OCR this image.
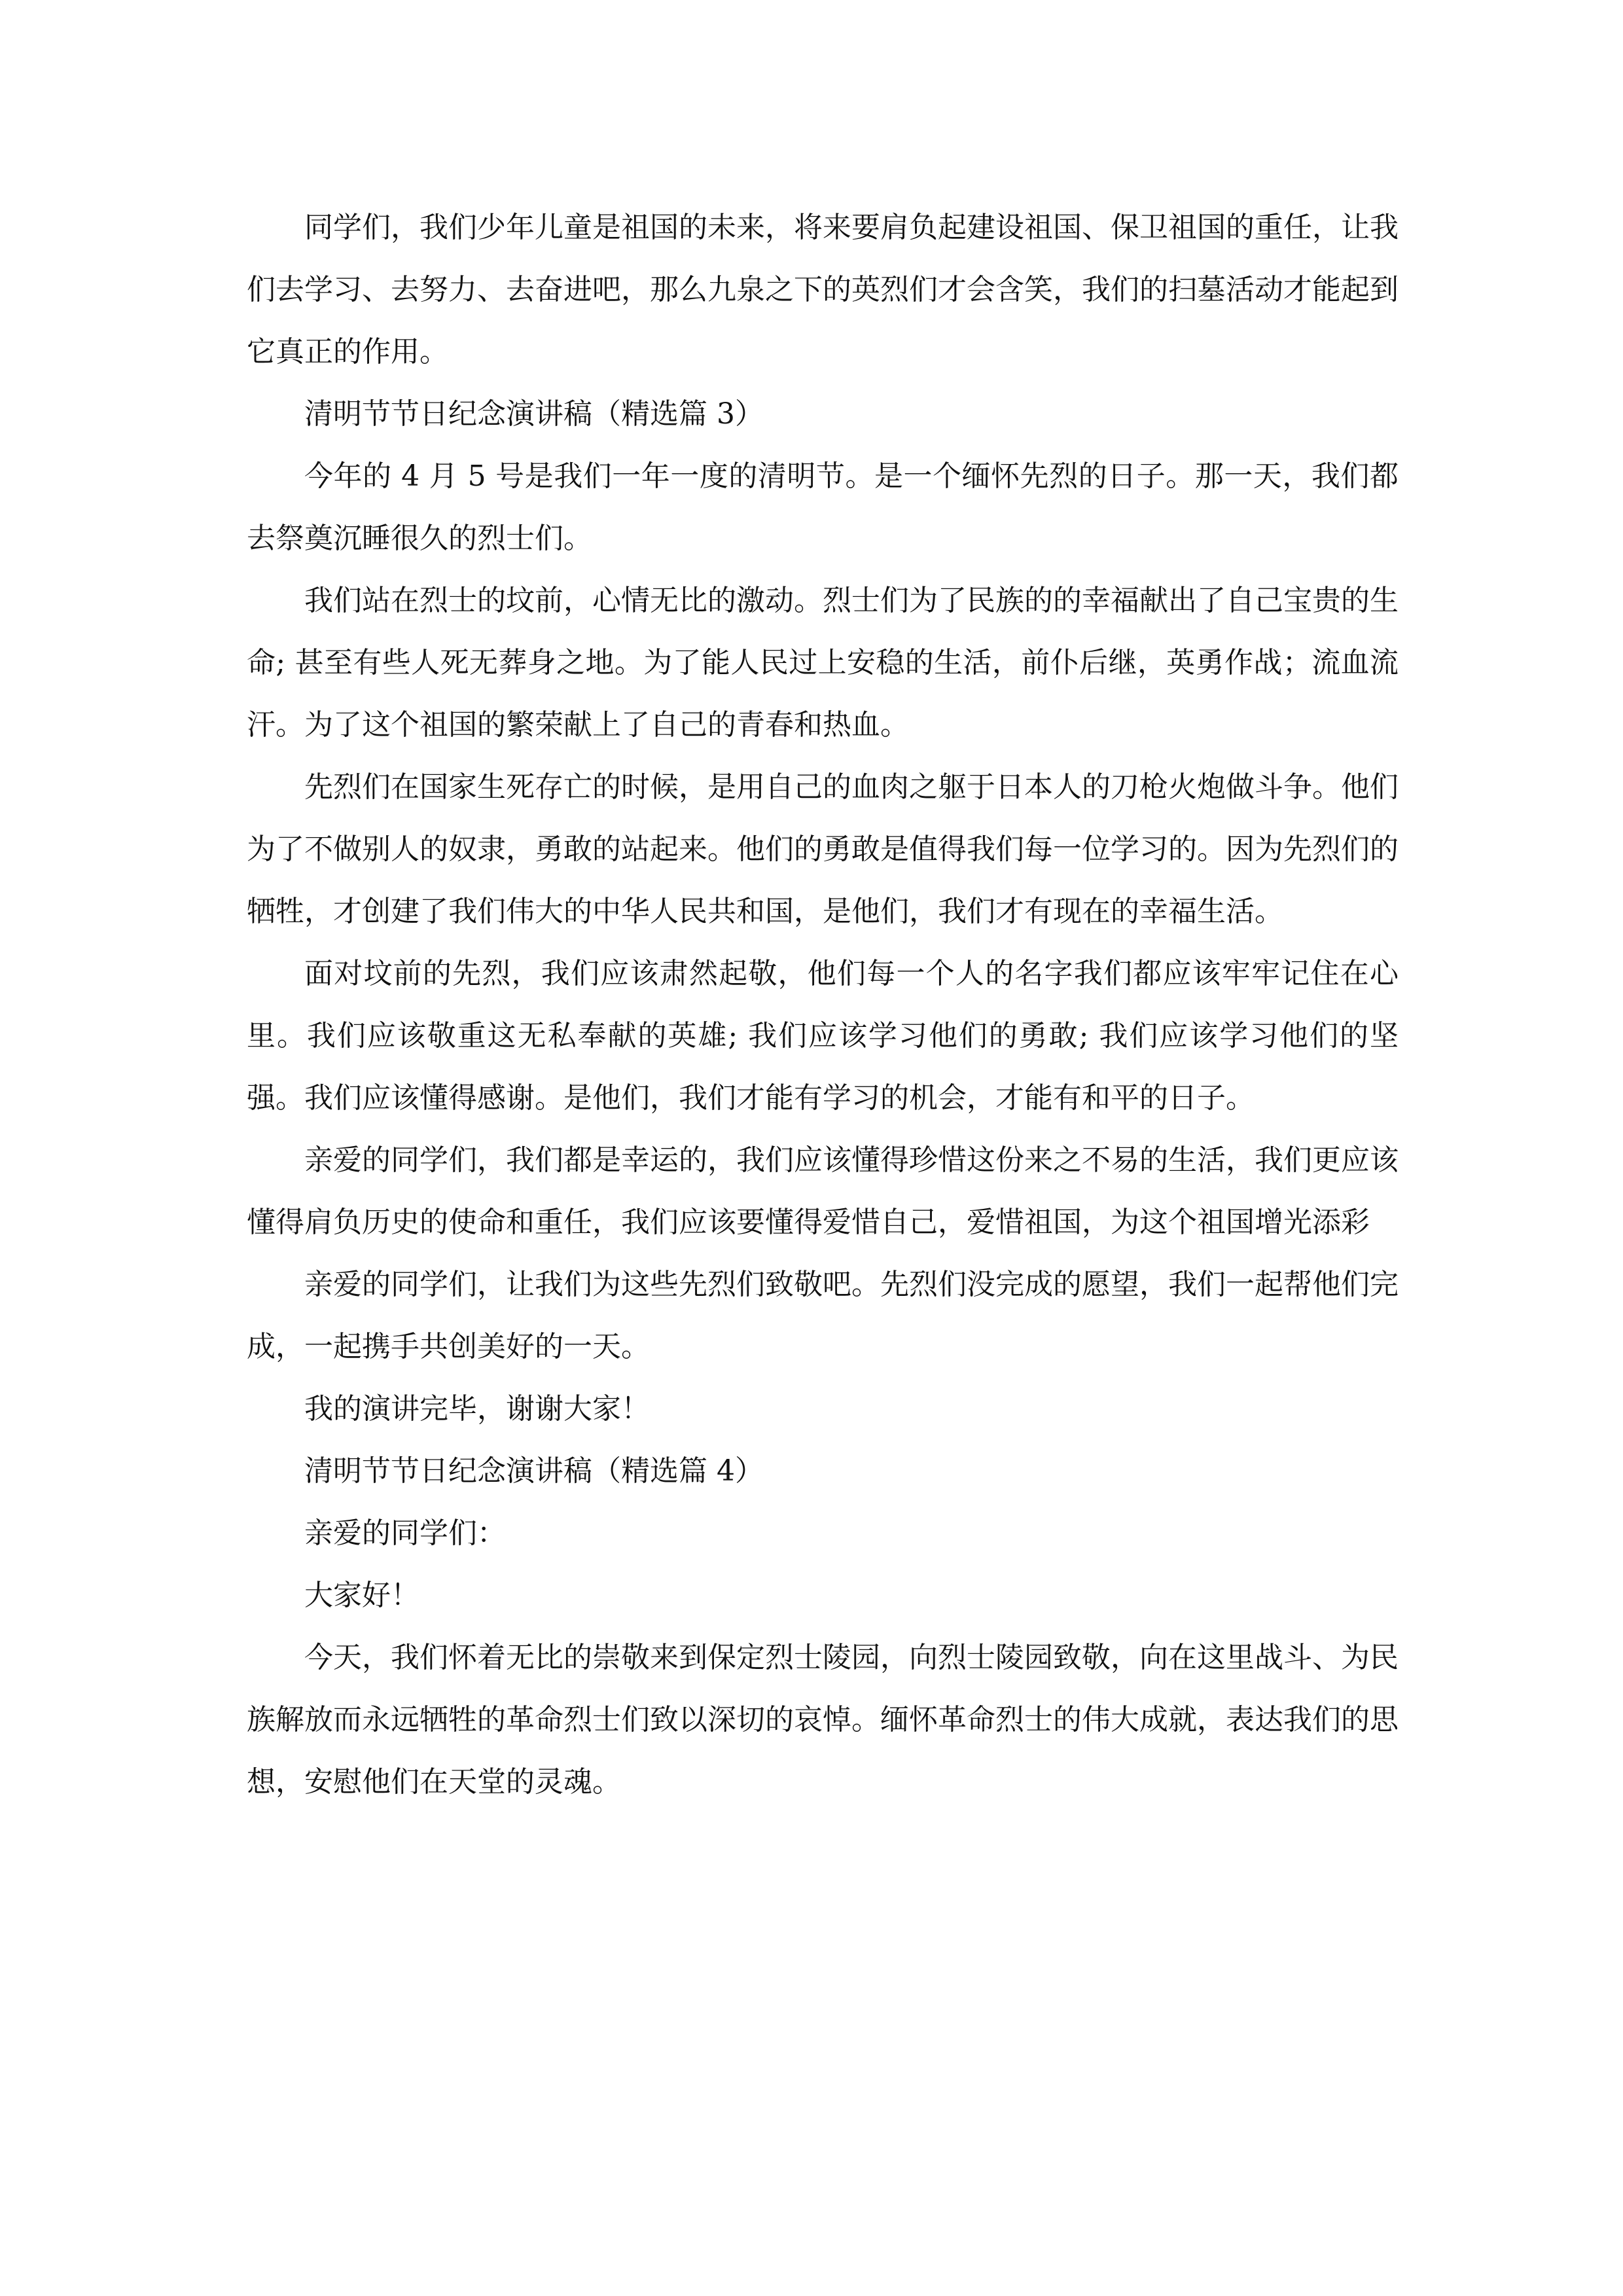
同学们，我们少年儿童是祖国的未来，将来要肩负起建设祖国、保卫祖国的重任，让我们去学习、去努力、去奋进吧，那么九泉之下的英烈们才会含笑，我们的扫墓活动才能起到它真正的作用。

清明节节日纪念演讲稿（精选篇 3）

今年的 4 月 5 号是我们一年一度的清明节。是一个缅怀先烈的日子。那一天，我们都去祭奠沉睡很久的烈士们。

我们站在烈士的坟前，心情无比的激动。烈士们为了民族的的幸福献出了自己宝贵的生命; 甚至有些人死无葬身之地。为了能人民过上安稳的生活，前仆后继，英勇作战；流血流汗。为了这个祖国的繁荣献上了自己的青春和热血。

先烈们在国家生死存亡的时候，是用自己的血肉之躯于日本人的刀枪火炮做斗争。他们为了不做别人的奴隶，勇敢的站起来。他们的勇敢是值得我们每一位学习的。因为先烈们的牺牲，才创建了我们伟大的中华人民共和国，是他们，我们才有现在的幸福生活。

面对坟前的先烈，我们应该肃然起敬，他们每一个人的名字我们都应该牢牢记住在心里。我们应该敬重这无私奉献的英雄; 我们应该学习他们的勇敢; 我们应该学习他们的坚强。我们应该懂得感谢。是他们，我们才能有学习的机会，才能有和平的日子。

亲爱的同学们，我们都是幸运的，我们应该懂得珍惜这份来之不易的生活，我们更应该懂得肩负历史的使命和重任，我们应该要懂得爱惜自己，爱惜祖国，为这个祖国增光添彩

亲爱的同学们，让我们为这些先烈们致敬吧。先烈们没完成的愿望，我们一起帮他们完成，一起携手共创美好的一天。

我的演讲完毕，谢谢大家！

清明节节日纪念演讲稿（精选篇 4）

亲爱的同学们：

大家好！

今天，我们怀着无比的崇敬来到保定烈士陵园，向烈士陵园致敬，向在这里战斗、为民族解放而永远牺牲的革命烈士们致以深切的哀悼。缅怀革命烈士的伟大成就，表达我们的思想，安慰他们在天堂的灵魂。
